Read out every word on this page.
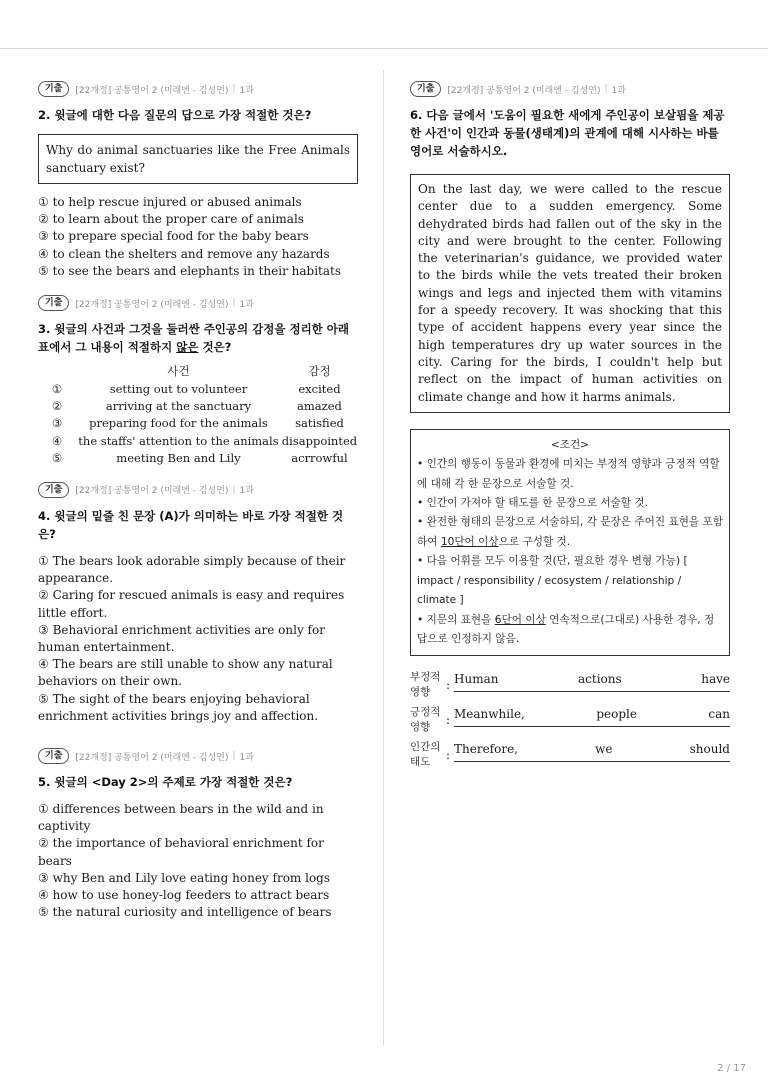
기출	[22개정] 공통영어 2 (미래엔 - 김성연) | 1과
2. 윗글에 대한 다음 질문의 답으로 가장 적절한 것은?
Why do animal sanctuaries like the Free Animals sanctuary exist?
① to help rescue injured or abused animals
② to learn about the proper care of animals
③ to prepare special food for the baby bears
④ to clean the shelters and remove any hazards
⑤ to see the bears and elephants in their habitats
기출	[22개정] 공통영어 2 (미래엔 - 김성연) | 1과
3. 윗글의 사건과 그것을 둘러싼 주인공의 감정을 정리한 아래 표에서 그 내용이 적절하지 않은 것은?
	사건	감정
①	setting out to volunteer	excited
②	arriving at the sanctuary	amazed
③	preparing food for the animals	satisfied
④	the staffs' attention to the animals	disappointed
⑤	meeting Ben and Lily	acrrowful
기출	[22개정] 공통영어 2 (미래엔 - 김성연) | 1과
4. 윗글의 밑줄 친 문장 (A)가 의미하는 바로 가장 적절한 것은?
① The bears look adorable simply because of their appearance.
② Caring for rescued animals is easy and requires little effort.
③ Behavioral enrichment activities are only for human entertainment.
④ The bears are still unable to show any natural behaviors on their own.
⑤ The sight of the bears enjoying behavioral enrichment activities brings joy and affection.
기출	[22개정] 공통영어 2 (미래엔 - 김성연) | 1과
5. 윗글의 <Day 2>의 주제로 가장 적절한 것은?
① differences between bears in the wild and in captivity
② the importance of behavioral enrichment for bears
③ why Ben and Lily love eating honey from logs
④ how to use honey-log feeders to attract bears
⑤ the natural curiosity and intelligence of bears
기출	[22개정] 공통영어 2 (미래엔 - 김성연) | 1과
6. 다음 글에서 '도움이 필요한 새에게 주인공이 보살핌을 제공한 사건'이 인간과 동물(생태계)의 관계에 대해 시사하는 바를 영어로 서술하시오.
On the last day, we were called to the rescue center due to a sudden emergency. Some dehydrated birds had fallen out of the sky in the city and were brought to the center. Following the veterinarian's guidance, we provided water to the birds while the vets treated their broken wings and legs and injected them with vitamins for a speedy recovery. It was shocking that this type of accident happens every year since the high temperatures dry up water sources in the city. Caring for the birds, I couldn't help but reflect on the impact of human activities on climate change and how it harms animals.
<조건>
• 인간의 행동이 동물과 환경에 미치는 부정적 영향과 긍정적 역할에 대해 각 한 문장으로 서술할 것.
• 인간이 가져야 할 태도를 한 문장으로 서술할 것.
• 완전한 형태의 문장으로 서술하되, 각 문장은 주어진 표현을 포함하여 10단어 이상으로 구성할 것.
• 다음 어휘를 모두 이용할 것(단, 필요한 경우 변형 가능) [ impact / responsibility / ecosystem / relationship / climate ]
• 지문의 표현을 6단어 이상 연속적으로(그대로) 사용한 경우, 정답으로 인정하지 않음.
부정적 영향	: Human	actions	have
긍정적 영향	: Meanwhile,	people	can
인간의 태도	: Therefore,	we	should
2 / 17
